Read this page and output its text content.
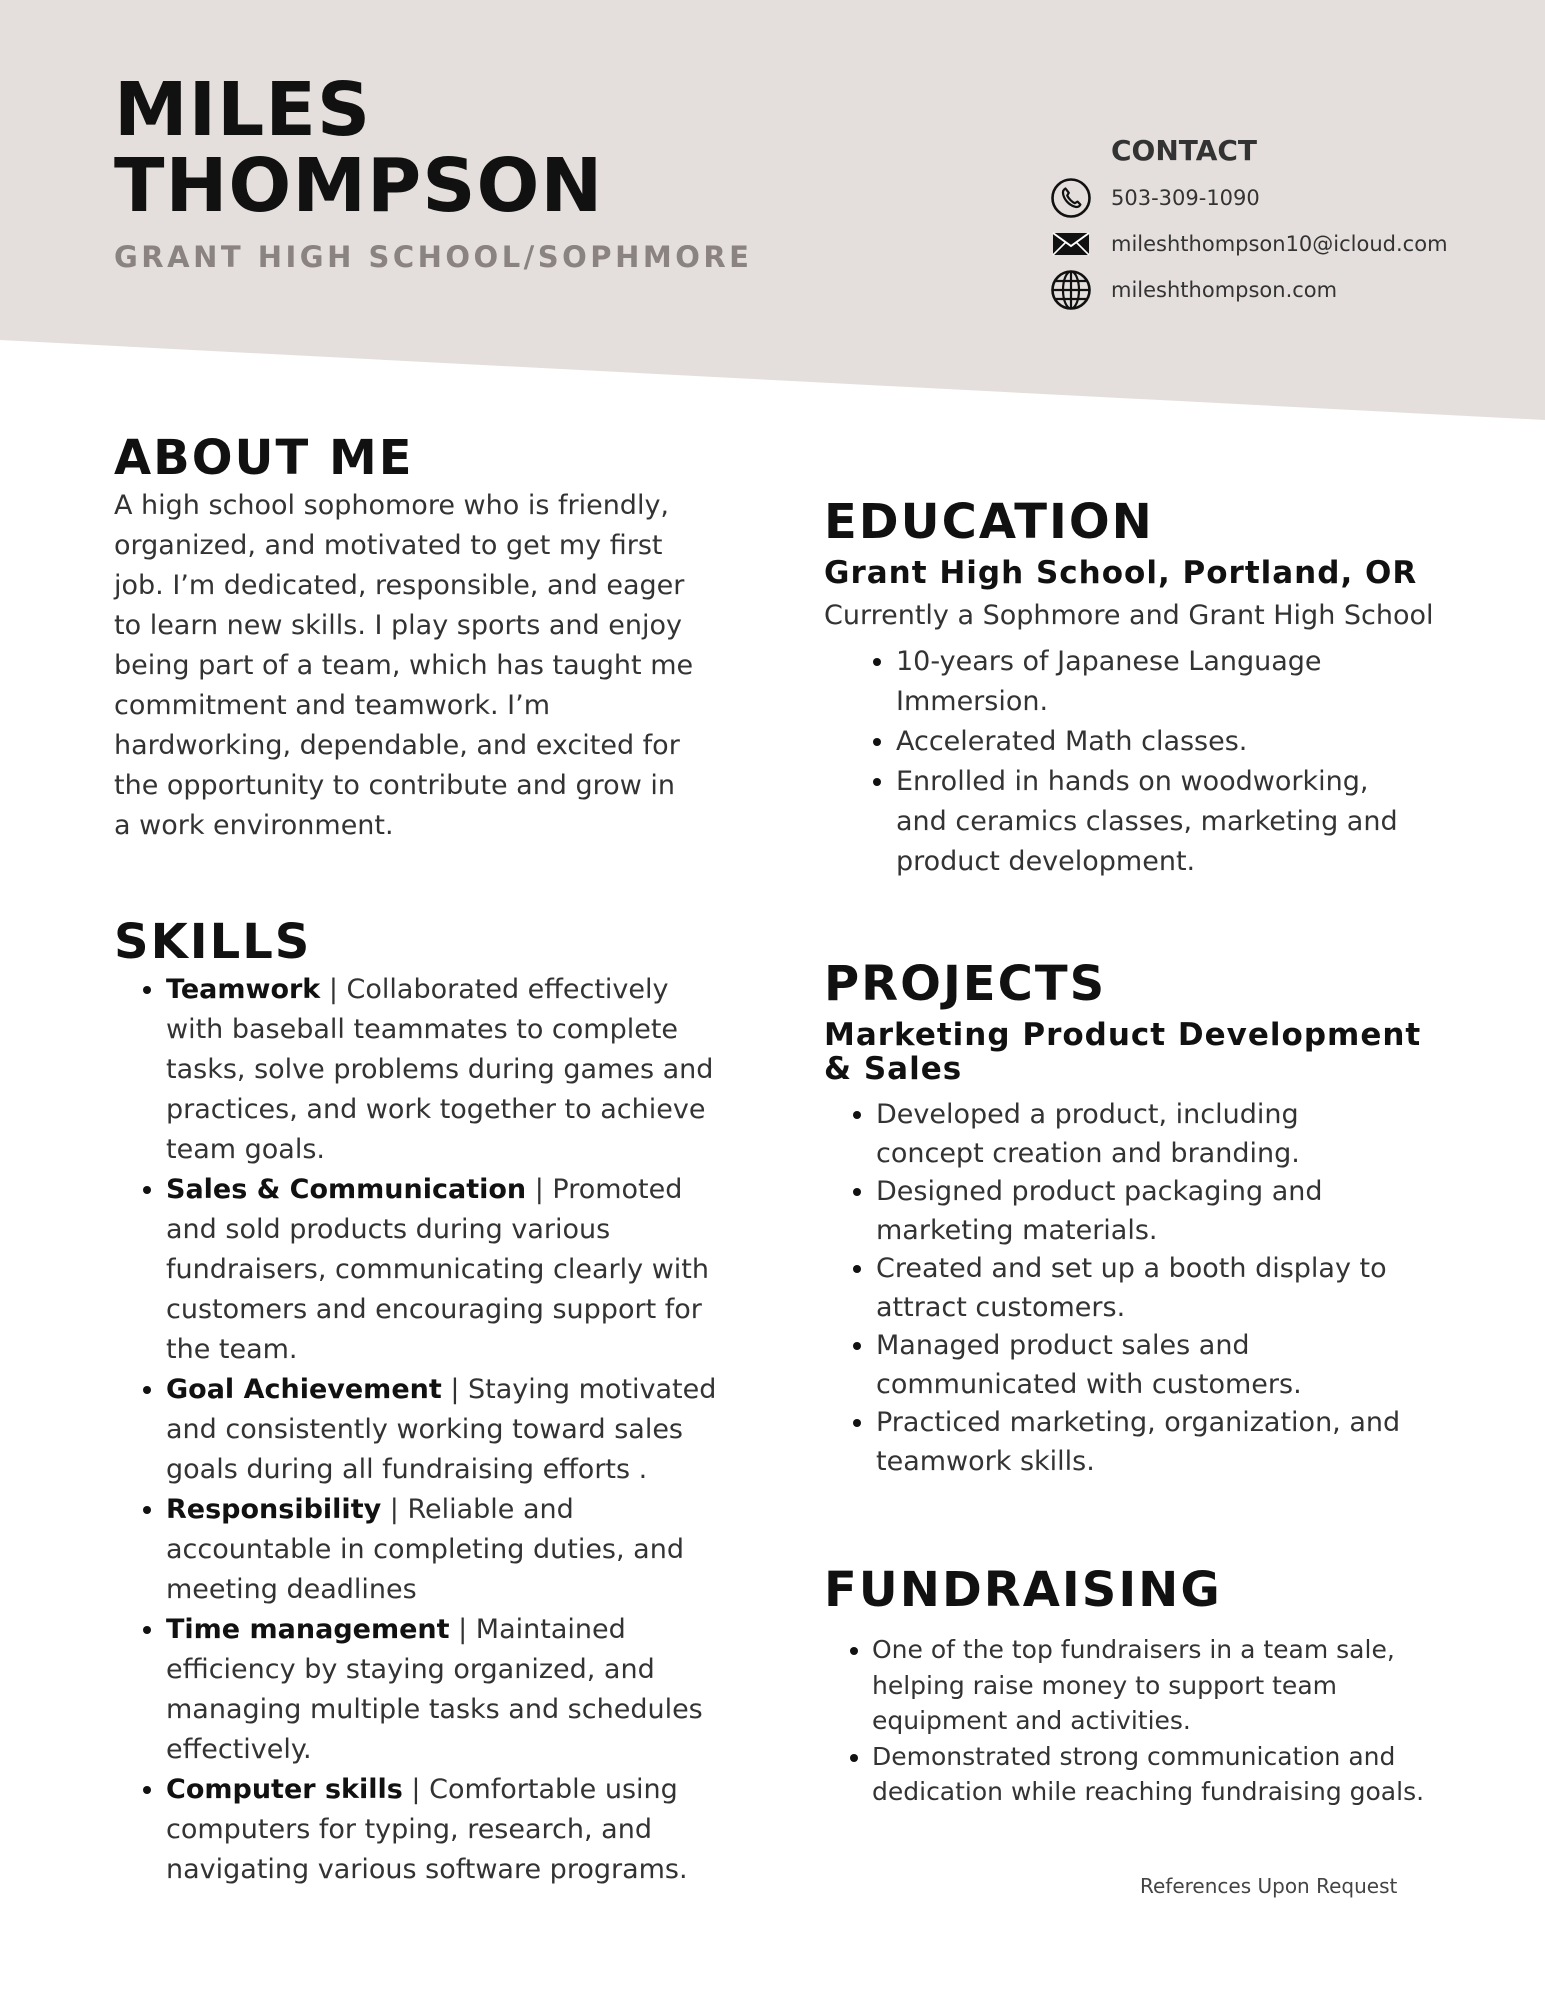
MILES
THOMPSON

GRANT HIGH SCHOOL/SOPHMORE

CONTACT
503-309-1090
mileshthompson10@icloud.com
mileshthompson.com
ABOUT ME

A high school sophomore who is friendly, organized, and motivated to get my first job. I’m dedicated, responsible, and eager to learn new skills. I play sports and enjoy being part of a team, which has taught me commitment and teamwork. I’m hardworking, dependable, and excited for the opportunity to contribute and grow in a work environment.

SKILLS
• Teamwork | Collaborated effectively with baseball teammates to complete tasks, solve problems during games and practices, and work together to achieve team goals.
• Sales & Communication | Promoted and sold products during various fundraisers, communicating clearly with customers and encouraging support for the team.
• Goal Achievement | Staying motivated and consistently working toward sales goals during all fundraising efforts .
• Responsibility | Reliable and accountable in completing duties, and meeting deadlines
• Time management | Maintained efficiency by staying organized, and managing multiple tasks and schedules effectively.
• Computer skills | Comfortable using computers for typing, research, and navigating various software programs.
EDUCATION
Grant High School, Portland, OR

Currently a Sophmore and Grant High School

• 10-years of Japanese Language Immersion.
• Accelerated Math classes.
• Enrolled in hands on woodworking, and ceramics classes, marketing and product development.
PROJECTS
Marketing Product Development
& Sales
• Developed a product, including concept creation and branding.
• Designed product packaging and marketing materials.
• Created and set up a booth display to attract customers.
• Managed product sales and communicated with customers.
• Practiced marketing, organization, and teamwork skills.
FUNDRAISING
• One of the top fundraisers in a team sale, helping raise money to support team equipment and activities.
• Demonstrated strong communication and dedication while reaching fundraising goals.

References Upon Request
